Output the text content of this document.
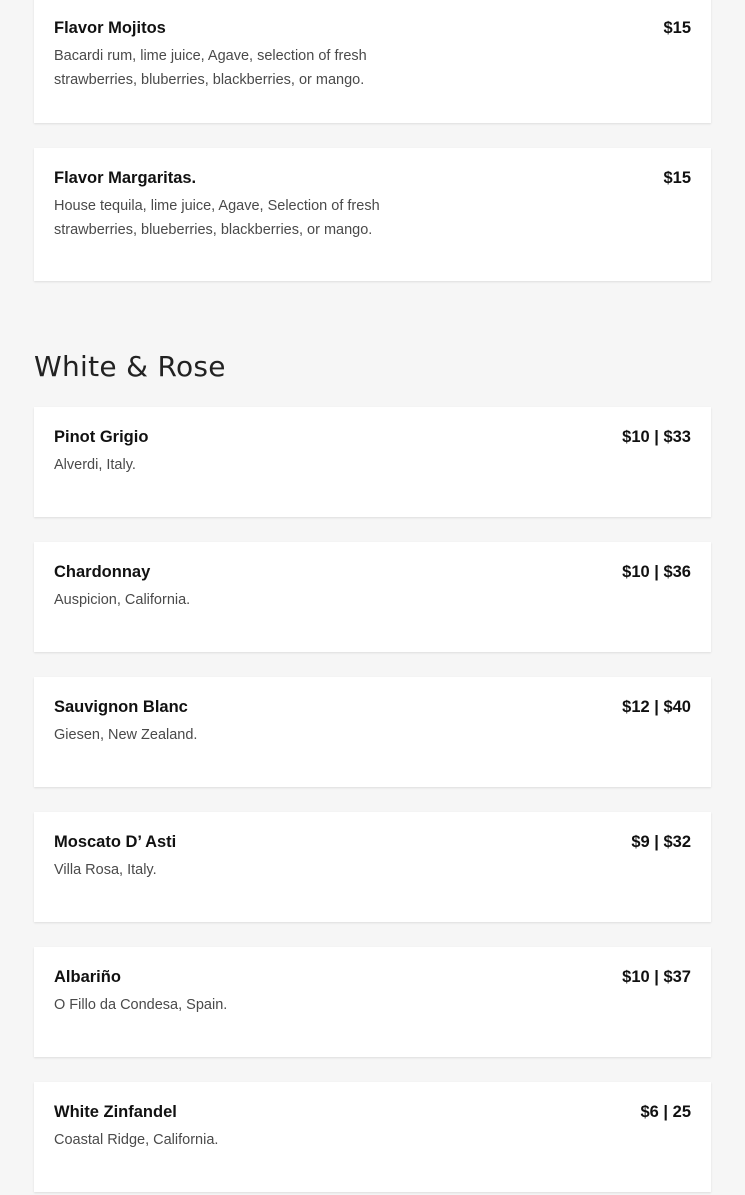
Flavor Mojitos	$15
Bacardi rum, lime juice, Agave, selection of fresh strawberries, bluberries, blackberries, or mango.
Flavor Margaritas.	$15
House tequila, lime juice, Agave, Selection of fresh strawberries, blueberries, blackberries, or mango.
White & Rose
Pinot Grigio	$10 | $33
Alverdi, Italy.
Chardonnay	$10 | $36
Auspicion, California.
Sauvignon Blanc	$12 | $40
Giesen, New Zealand.
Moscato D’ Asti	$9 | $32
Villa Rosa, Italy.
Albariño	$10 | $37
O Fillo da Condesa, Spain.
White Zinfandel	$6 | 25
Coastal Ridge, California.
